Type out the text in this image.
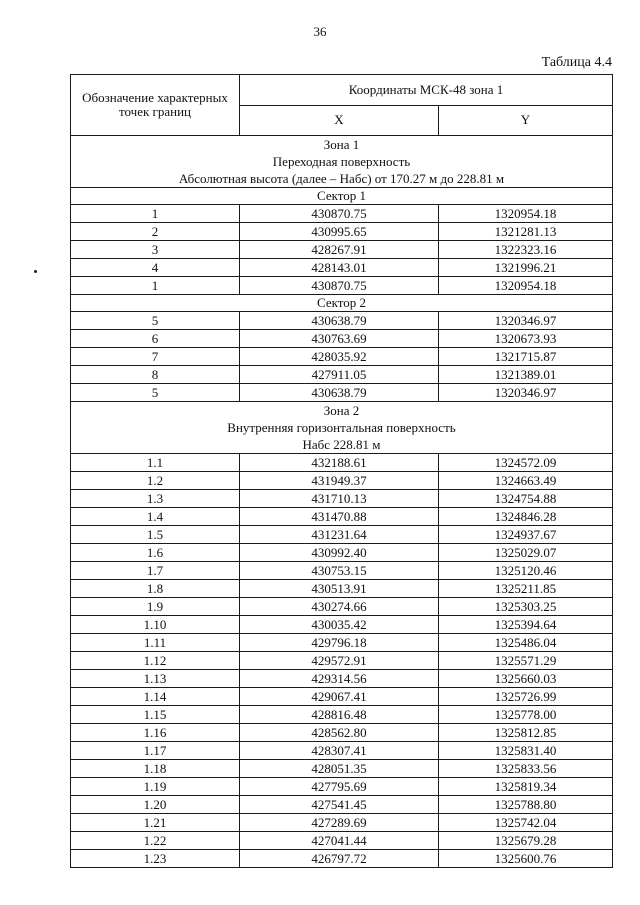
36
Таблица 4.4
Обозначение характерных точек границ	Координаты МСК-48 зона 1	
	X	Y

Зона 1
Переходная поверхность
Абсолютная высота (далее – Набс) от 170.27 м до 228.81 м		

Сектор 1		
1	430870.75	1320954.18
2	430995.65	1321281.13
3	428267.91	1322323.16
4	428143.01	1321996.21
1	430870.75	1320954.18
Сектор 2		
5	430638.79	1320346.97
6	430763.69	1320673.93
7	428035.92	1321715.87
8	427911.05	1321389.01
5	430638.79	1320346.97

Зона 2
Внутренняя горизонтальная поверхность
Набс 228.81 м		

1.1	432188.61	1324572.09
1.2	431949.37	1324663.49
1.3	431710.13	1324754.88
1.4	431470.88	1324846.28
1.5	431231.64	1324937.67
1.6	430992.40	1325029.07
1.7	430753.15	1325120.46
1.8	430513.91	1325211.85
1.9	430274.66	1325303.25
1.10	430035.42	1325394.64
1.11	429796.18	1325486.04
1.12	429572.91	1325571.29
1.13	429314.56	1325660.03
1.14	429067.41	1325726.99
1.15	428816.48	1325778.00
1.16	428562.80	1325812.85
1.17	428307.41	1325831.40
1.18	428051.35	1325833.56
1.19	427795.69	1325819.34
1.20	427541.45	1325788.80
1.21	427289.69	1325742.04
1.22	427041.44	1325679.28
1.23	426797.72	1325600.76
